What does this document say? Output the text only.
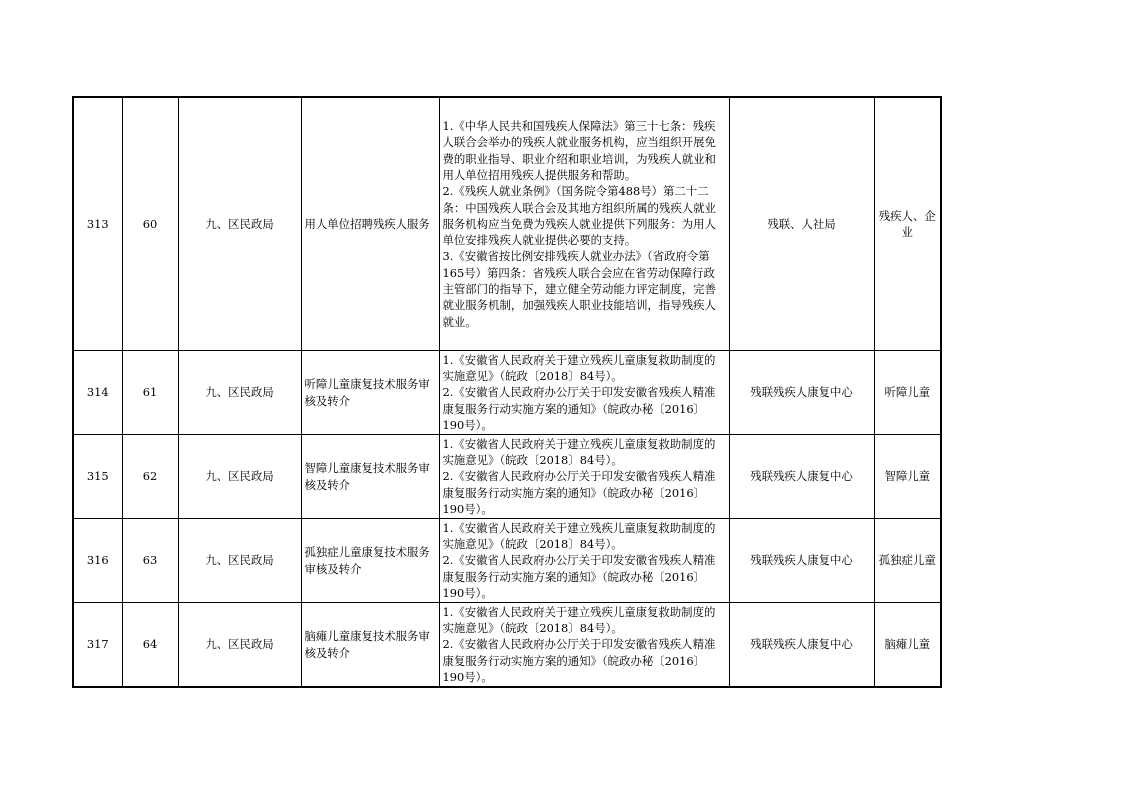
313	60	九、区民政局	用人单位招聘残疾人服务	1.《中华人民共和国残疾人保障法》第三十七条：残疾人联合会举办的残疾人就业服务机构，应当组织开展免费的职业指导、职业介绍和职业培训，为残疾人就业和用人单位招用残疾人提供服务和帮助。
2.《残疾人就业条例》（国务院令第488号）第二十二条：中国残疾人联合会及其地方组织所属的残疾人就业服务机构应当免费为残疾人就业提供下列服务：为用人单位安排残疾人就业提供必要的支持。
3.《安徽省按比例安排残疾人就业办法》（省政府令第165号）第四条：省残疾人联合会应在省劳动保障行政主管部门的指导下，建立健全劳动能力评定制度，完善就业服务机制，加强残疾人职业技能培训，指导残疾人就业。	残联、人社局	残疾人、企业
314	61	九、区民政局	听障儿童康复技术服务审核及转介	1.《安徽省人民政府关于建立残疾儿童康复救助制度的实施意见》（皖政〔2018〕84号）。
2.《安徽省人民政府办公厅关于印发安徽省残疾人精准康复服务行动实施方案的通知》（皖政办秘〔2016〕190号）。	残联残疾人康复中心	听障儿童
315	62	九、区民政局	智障儿童康复技术服务审核及转介	1.《安徽省人民政府关于建立残疾儿童康复救助制度的实施意见》（皖政〔2018〕84号）。
2.《安徽省人民政府办公厅关于印发安徽省残疾人精准康复服务行动实施方案的通知》（皖政办秘〔2016〕190号）。	残联残疾人康复中心	智障儿童
316	63	九、区民政局	孤独症儿童康复技术服务审核及转介	1.《安徽省人民政府关于建立残疾儿童康复救助制度的实施意见》（皖政〔2018〕84号）。
2.《安徽省人民政府办公厅关于印发安徽省残疾人精准康复服务行动实施方案的通知》（皖政办秘〔2016〕190号）。	残联残疾人康复中心	孤独症儿童
317	64	九、区民政局	脑瘫儿童康复技术服务审核及转介	1.《安徽省人民政府关于建立残疾儿童康复救助制度的实施意见》（皖政〔2018〕84号）。
2.《安徽省人民政府办公厅关于印发安徽省残疾人精准康复服务行动实施方案的通知》（皖政办秘〔2016〕190号）。	残联残疾人康复中心	脑瘫儿童
